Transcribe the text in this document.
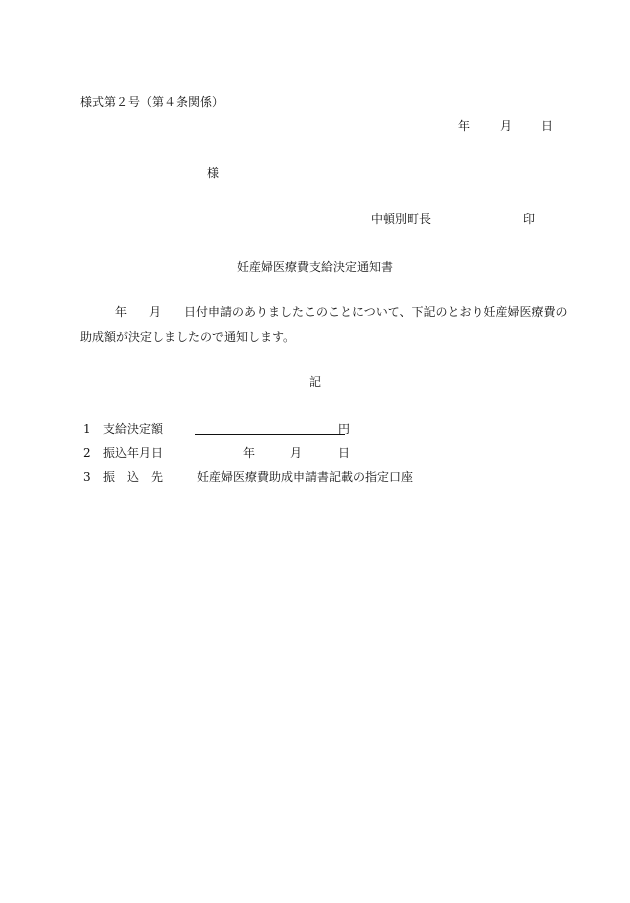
様式第２号（第４条関係）
年 月 日
様
中頓別町長	印
妊産婦医療費支給決定通知書
年 月 日付申請のありましたこのことについて、下記のとおり妊産婦医療費の
助成額が決定しましたので通知します。
記
1 支給決定額	円
2 振込年月日	年	月	日
3 振　込　先	妊産婦医療費助成申請書記載の指定口座
